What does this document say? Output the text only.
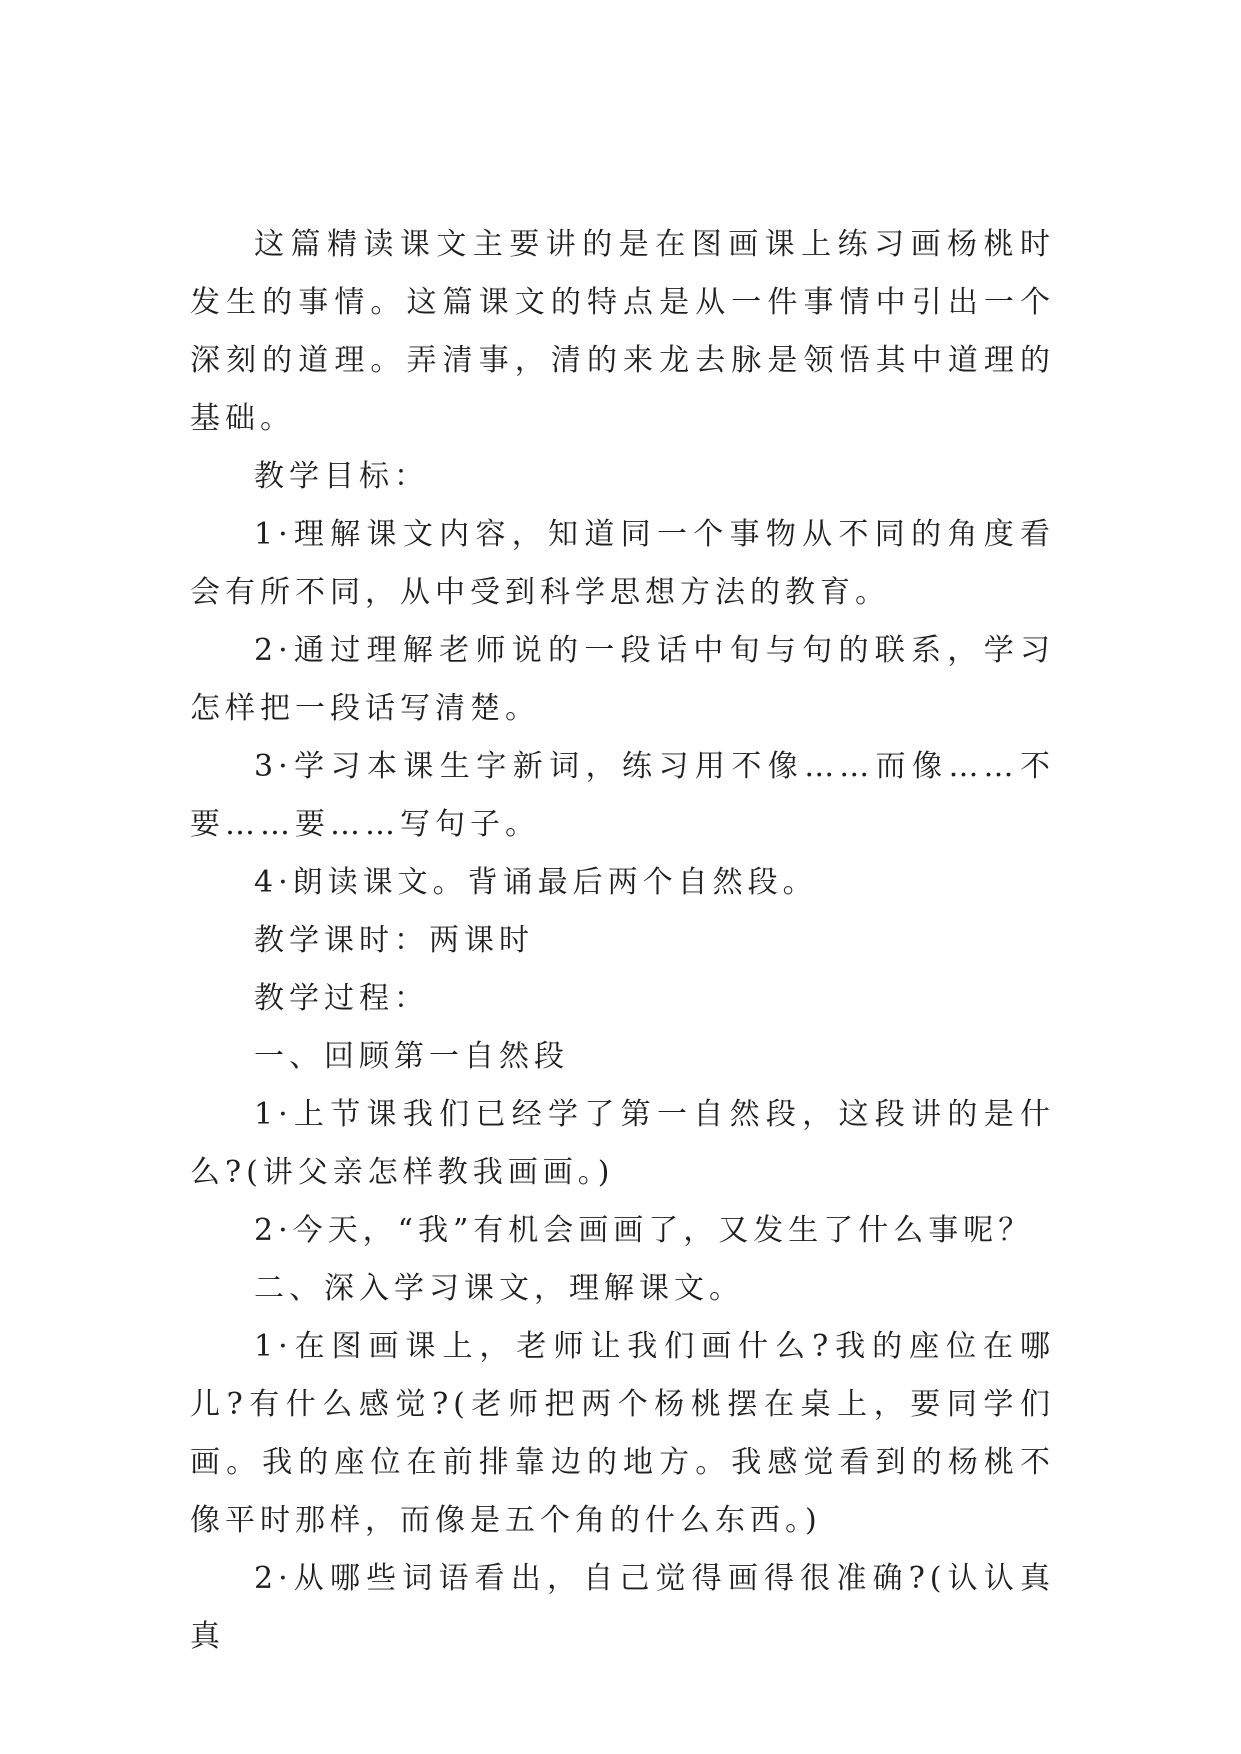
这篇精读课文主要讲的是在图画课上练习画杨桃时发生的事情。这篇课文的特点是从一件事情中引出一个深刻的道理。弄清事，清的来龙去脉是领悟其中道理的基础。

教学目标：

1·理解课文内容，知道同一个事物从不同的角度看会有所不同，从中受到科学思想方法的教育。

2·通过理解老师说的一段话中旬与句的联系，学习怎样把一段话写清楚。

3·学习本课生字新词，练习用不像……而像……不要……要……写句子。

4·朗读课文。背诵最后两个自然段。

教学课时：两课时

教学过程：

一、回顾第一自然段

1·上节课我们已经学了第一自然段，这段讲的是什么?(讲父亲怎样教我画画。)

2·今天，“我”有机会画画了，又发生了什么事呢？

二、深入学习课文，理解课文。

1·在图画课上，老师让我们画什么?我的座位在哪儿?有什么感觉?(老师把两个杨桃摆在桌上，要同学们画。我的座位在前排靠边的地方。我感觉看到的杨桃不像平时那样，而像是五个角的什么东西。)

2·从哪些词语看出，自己觉得画得很准确?(认认真真
